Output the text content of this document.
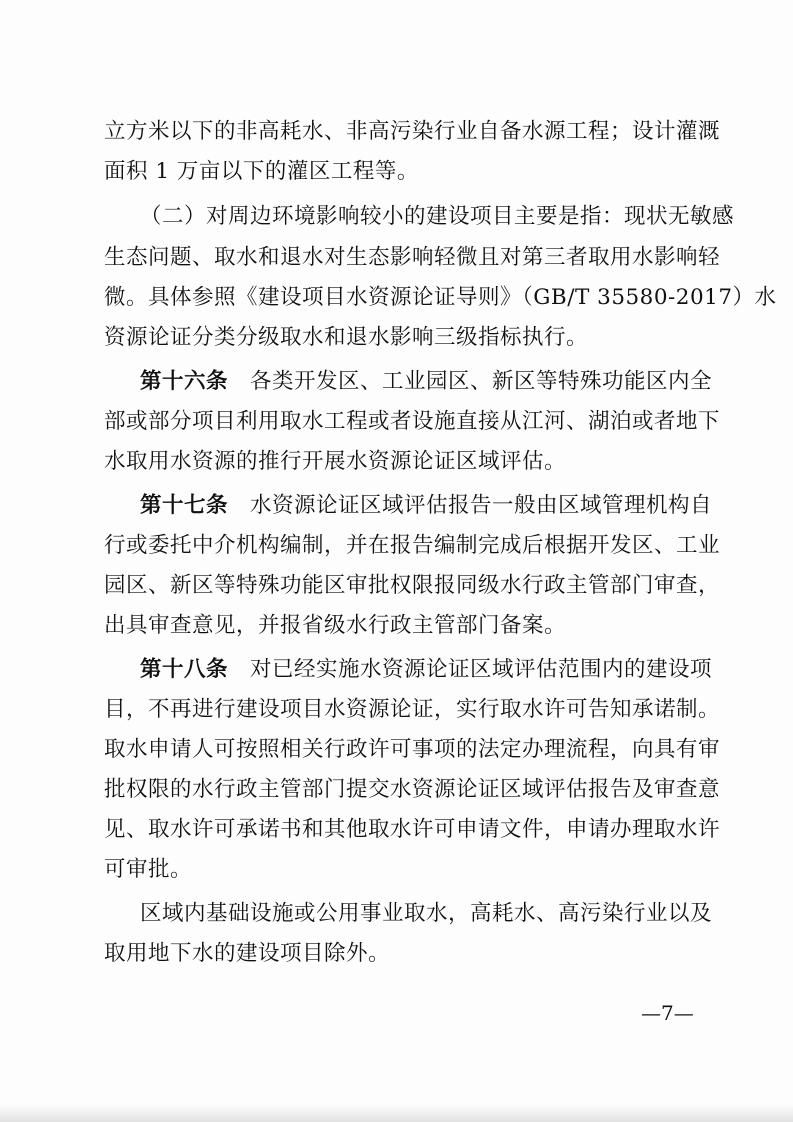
立方米以下的非高耗水、非高污染行业自备水源工程；设计灌溉
面积 1 万亩以下的灌区工程等。
（二）对周边环境影响较小的建设项目主要是指：现状无敏感
生态问题、取水和退水对生态影响轻微且对第三者取用水影响轻
微。具体参照《建设项目水资源论证导则》（GB/T 35580-2017）水
资源论证分类分级取水和退水影响三级指标执行。
第十六条　 各类开发区、工业园区、新区等特殊功能区内全
部或部分项目利用取水工程或者设施直接从江河、湖泊或者地下
水取用水资源的推行开展水资源论证区域评估。
第十七条　 水资源论证区域评估报告一般由区域管理机构自
行或委托中介机构编制，并在报告编制完成后根据开发区、工业
园区、新区等特殊功能区审批权限报同级水行政主管部门审查，
出具审查意见，并报省级水行政主管部门备案。
第十八条　 对已经实施水资源论证区域评估范围内的建设项
目，不再进行建设项目水资源论证，实行取水许可告知承诺制。
取水申请人可按照相关行政许可事项的法定办理流程，向具有审
批权限的水行政主管部门提交水资源论证区域评估报告及审查意
见、取水许可承诺书和其他取水许可申请文件，申请办理取水许
可审批。
区域内基础设施或公用事业取水，高耗水、高污染行业以及
取用地下水的建设项目除外。
—7—
